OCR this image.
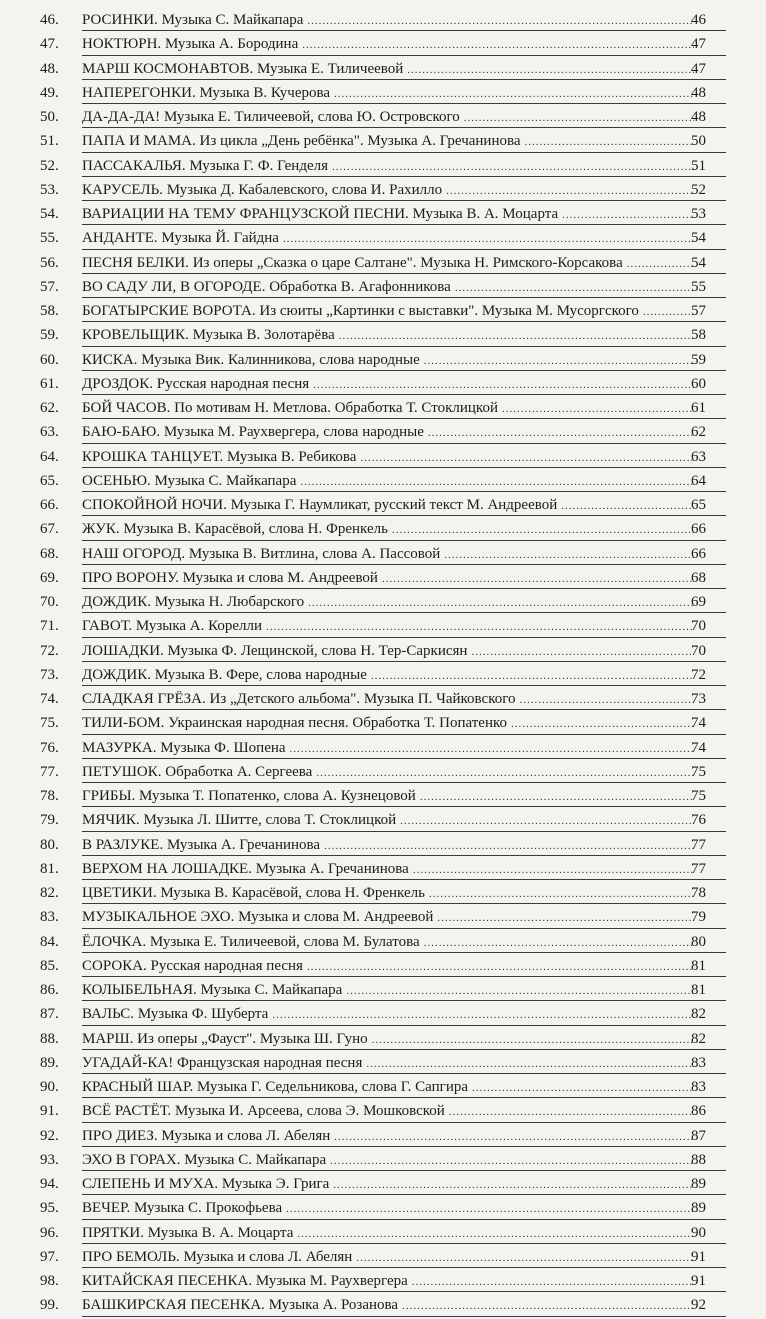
46.	РОСИНКИ. Музыка С. Майкапара .....	46
47.	НОКТЮРН. Музыка А. Бородина .....	47
48.	МАРШ КОСМОНАВТОВ. Музыка Е. Тиличеевой .....	47
49.	НАПЕРЕГОНКИ. Музыка В. Кучерова .....	48
50.	ДА-ДА-ДА! Музыка Е. Тиличеевой, слова Ю. Островского .....	48
51.	ПАПА И МАМА. Из цикла „День ребёнка". Музыка А. Гречанинова .....	50
52.	ПАССАКАЛЬЯ. Музыка Г. Ф. Генделя .....	51
53.	КАРУСЕЛЬ. Музыка Д. Кабалевского, слова И. Рахилло .....	52
54.	ВАРИАЦИИ НА ТЕМУ ФРАНЦУЗСКОЙ ПЕСНИ. Музыка В. А. Моцарта .....	53
55.	АНДАНТЕ. Музыка Й. Гайдна .....	54
56.	ПЕСНЯ БЕЛКИ. Из оперы „Сказка о царе Салтане". Музыка Н. Римского-Корсакова .....	54
57.	ВО САДУ ЛИ, В ОГОРОДЕ. Обработка В. Агафонникова .....	55
58.	БОГАТЫРСКИЕ ВОРОТА. Из сюиты „Картинки с выставки". Музыка М. Мусоргского .....	57
59.	КРОВЕЛЬЩИК. Музыка В. Золотарёва .....	58
60.	КИСКА. Музыка Вик. Калинникова, слова народные .....	59
61.	ДРОЗДОК. Русская народная песня .....	60
62.	БОЙ ЧАСОВ. По мотивам Н. Метлова. Обработка Т. Стоклицкой .....	61
63.	БАЮ-БАЮ. Музыка М. Раухвергера, слова народные .....	62
64.	КРОШКА ТАНЦУЕТ. Музыка В. Ребикова .....	63
65.	ОСЕНЬЮ. Музыка С. Майкапара .....	64
66.	СПОКОЙНОЙ НОЧИ. Музыка Г. Наумликат, русский текст М. Андреевой .....	65
67.	ЖУК. Музыка В. Карасёвой, слова Н. Френкель .....	66
68.	НАШ ОГОРОД. Музыка В. Витлина, слова А. Пассовой .....	66
69.	ПРО ВОРОНУ. Музыка и слова М. Андреевой .....	68
70.	ДОЖДИК. Музыка Н. Любарского .....	69
71.	ГАВОТ. Музыка А. Корелли .....	70
72.	ЛОШАДКИ. Музыка Ф. Лещинской, слова Н. Тер-Саркисян .....	70
73.	ДОЖДИК. Музыка В. Фере, слова народные .....	72
74.	СЛАДКАЯ ГРЁЗА. Из „Детского альбома". Музыка П. Чайковского .....	73
75.	ТИЛИ-БОМ. Украинская народная песня. Обработка Т. Попатенко .....	74
76.	МАЗУРКА. Музыка Ф. Шопена .....	74
77.	ПЕТУШОК. Обработка А. Сергеева .....	75
78.	ГРИБЫ. Музыка Т. Попатенко, слова А. Кузнецовой .....	75
79.	МЯЧИК. Музыка Л. Шитте, слова Т. Стоклицкой .....	76
80.	В РАЗЛУКЕ. Музыка А. Гречанинова .....	77
81.	ВЕРХОМ НА ЛОШАДКЕ. Музыка А. Гречанинова .....	77
82.	ЦВЕТИКИ. Музыка В. Карасёвой, слова Н. Френкель .....	78
83.	МУЗЫКАЛЬНОЕ ЭХО. Музыка и слова М. Андреевой .....	79
84.	ЁЛОЧКА. Музыка Е. Тиличеевой, слова М. Булатова .....	80
85.	СОРОКА. Русская народная песня .....	81
86.	КОЛЫБЕЛЬНАЯ. Музыка С. Майкапара .....	81
87.	ВАЛЬС. Музыка Ф. Шуберта .....	82
88.	МАРШ. Из оперы „Фауст". Музыка Ш. Гуно .....	82
89.	УГАДАЙ-КА! Французская народная песня .....	83
90.	КРАСНЫЙ ШАР. Музыка Г. Седельникова, слова Г. Сапгира .....	83
91.	ВСЁ РАСТЁТ. Музыка И. Арсеева, слова Э. Мошковской .....	86
92.	ПРО ДИЕЗ. Музыка и слова Л. Абелян .....	87
93.	ЭХО В ГОРАХ. Музыка С. Майкапара .....	88
94.	СЛЕПЕНЬ И МУХА. Музыка Э. Грига .....	89
95.	ВЕЧЕР. Музыка С. Прокофьева .....	89
96.	ПРЯТКИ. Музыка В. А. Моцарта .....	90
97.	ПРО БЕМОЛЬ. Музыка и слова Л. Абелян .....	91
98.	КИТАЙСКАЯ ПЕСЕНКА. Музыка М. Раухвергера .....	91
99.	БАШКИРСКАЯ ПЕСЕНКА. Музыка А. Розанова .....	92
